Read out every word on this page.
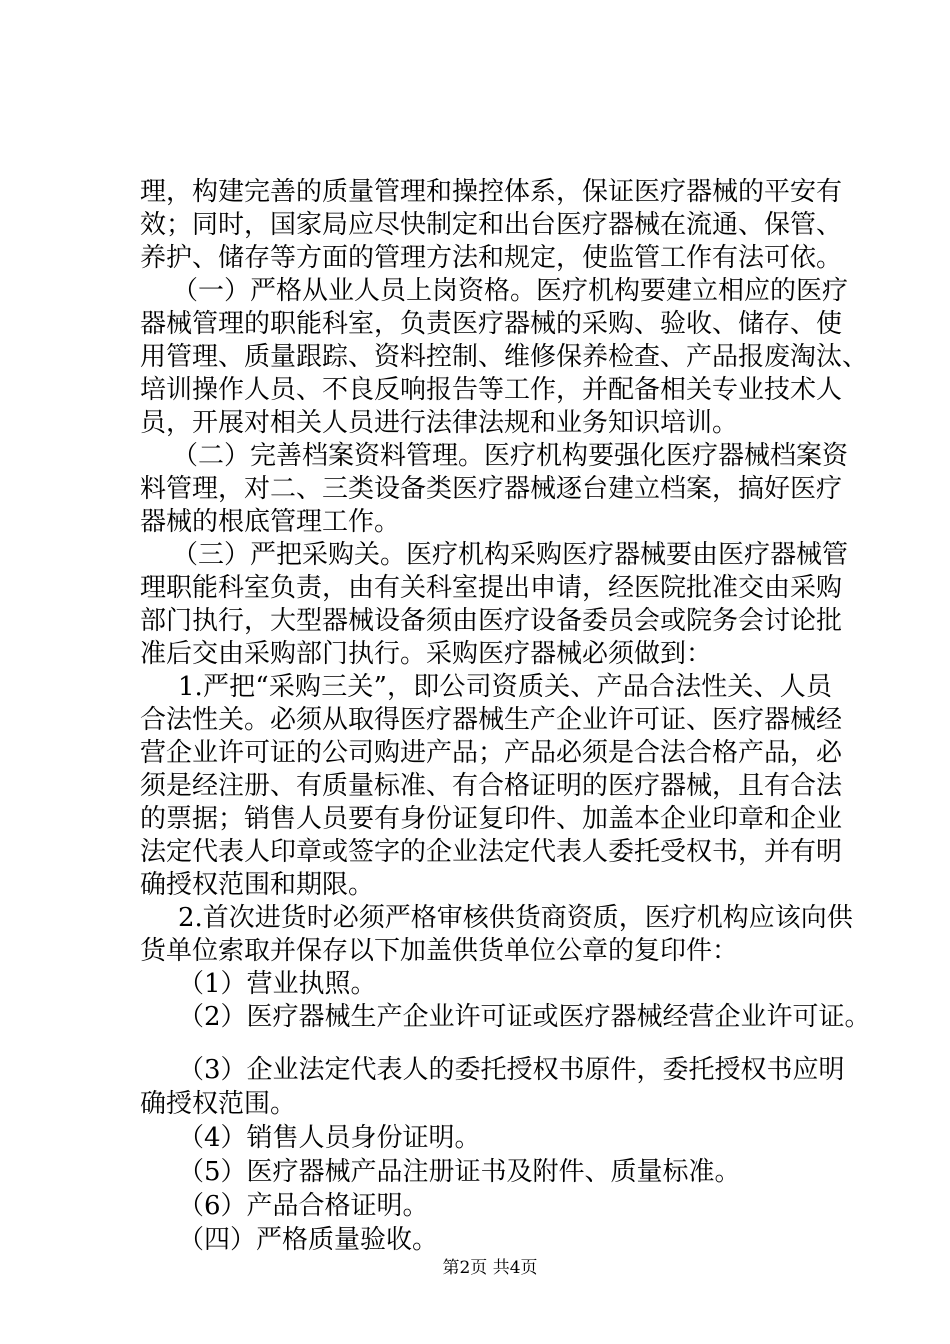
理，构建完善的质量管理和操控体系，保证医疗器械的平安有
效；同时，国家局应尽快制定和出台医疗器械在流通、保管、
养护、储存等方面的管理方法和规定，使监管工作有法可依。
（一）严格从业人员上岗资格。医疗机构要建立相应的医疗
器械管理的职能科室，负责医疗器械的采购、验收、储存、使
用管理、质量跟踪、资料控制、维修保养检查、产品报废淘汰、
培训操作人员、不良反响报告等工作，并配备相关专业技术人
员，开展对相关人员进行法律法规和业务知识培训。
（二）完善档案资料管理。医疗机构要强化医疗器械档案资
料管理，对二、三类设备类医疗器械逐台建立档案，搞好医疗
器械的根底管理工作。
（三）严把采购关。医疗机构采购医疗器械要由医疗器械管
理职能科室负责，由有关科室提出申请，经医院批准交由采购
部门执行，大型器械设备须由医疗设备委员会或院务会讨论批
准后交由采购部门执行。采购医疗器械必须做到：
1.严把“采购三关”，即公司资质关、产品合法性关、人员
合法性关。必须从取得医疗器械生产企业许可证、医疗器械经
营企业许可证的公司购进产品；产品必须是合法合格产品，必
须是经注册、有质量标准、有合格证明的医疗器械，且有合法
的票据；销售人员要有身份证复印件、加盖本企业印章和企业
法定代表人印章或签字的企业法定代表人委托受权书，并有明
确授权范围和期限。
2.首次进货时必须严格审核供货商资质，医疗机构应该向供
货单位索取并保存以下加盖供货单位公章的复印件：
（1）营业执照。
（2）医疗器械生产企业许可证或医疗器械经营企业许可证。
（3）企业法定代表人的委托授权书原件，委托授权书应明
确授权范围。
（4）销售人员身份证明。
（5）医疗器械产品注册证书及附件、质量标准。
（6）产品合格证明。
（四）严格质量验收。
第2页 共4页
